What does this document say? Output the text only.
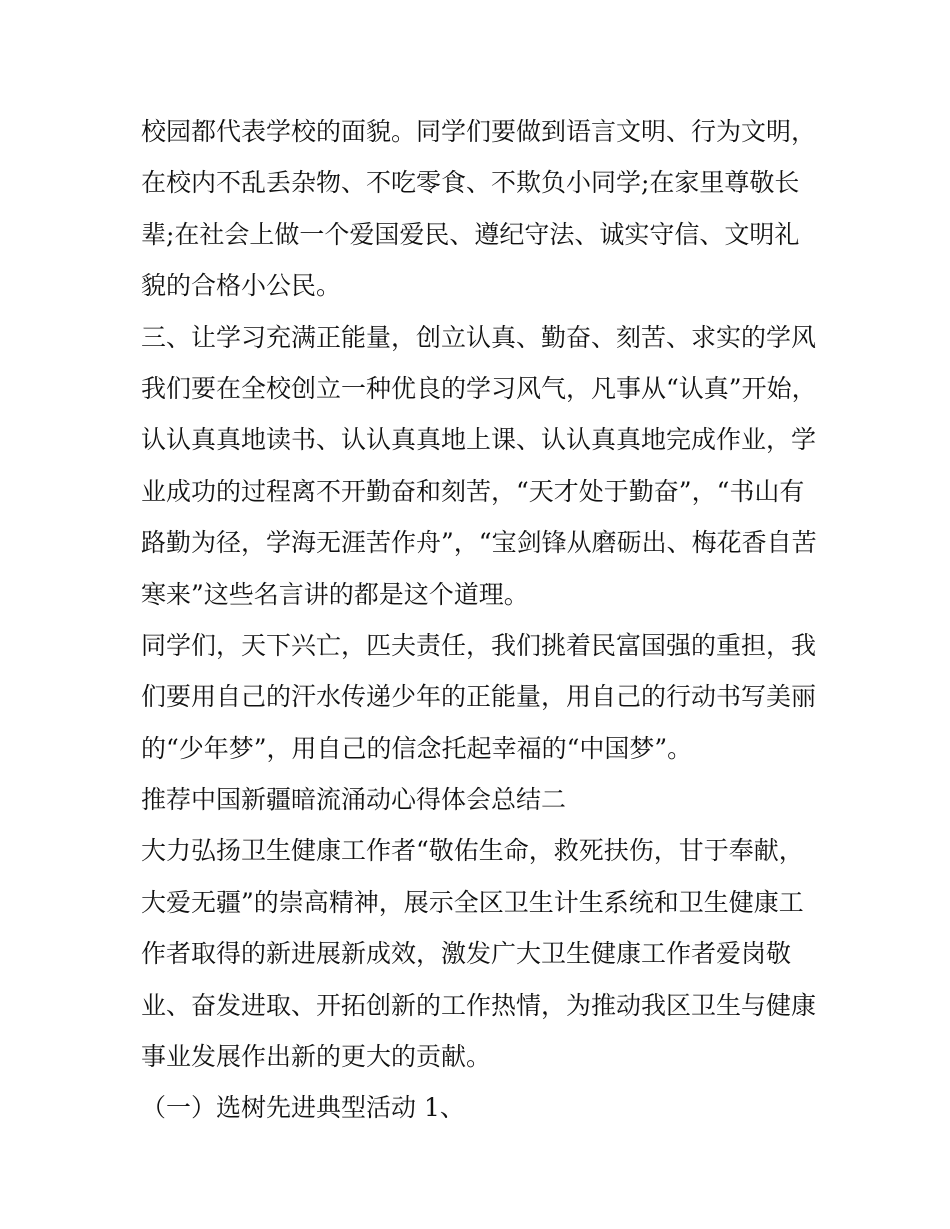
校园都代表学校的面貌。同学们要做到语言文明、行为文明，
在校内不乱丢杂物、不吃零食、不欺负小同学;在家里尊敬长
辈;在社会上做一个爱国爱民、遵纪守法、诚实守信、文明礼
貌的合格小公民。
三、让学习充满正能量，创立认真、勤奋、刻苦、求实的学风
我们要在全校创立一种优良的学习风气，凡事从“认真”开始，
认认真真地读书、认认真真地上课、认认真真地完成作业，学
业成功的过程离不开勤奋和刻苦，“天才处于勤奋”，“书山有
路勤为径，学海无涯苦作舟”，“宝剑锋从磨砺出、梅花香自苦
寒来”这些名言讲的都是这个道理。
同学们，天下兴亡，匹夫责任，我们挑着民富国强的重担，我
们要用自己的汗水传递少年的正能量，用自己的行动书写美丽
的“少年梦”，用自己的信念托起幸福的“中国梦”。
推荐中国新疆暗流涌动心得体会总结二
大力弘扬卫生健康工作者“敬佑生命，救死扶伤，甘于奉献，
大爱无疆”的崇高精神，展示全区卫生计生系统和卫生健康工
作者取得的新进展新成效，激发广大卫生健康工作者爱岗敬
业、奋发进取、开拓创新的工作热情，为推动我区卫生与健康
事业发展作出新的更大的贡献。
（一）选树先进典型活动 1、
